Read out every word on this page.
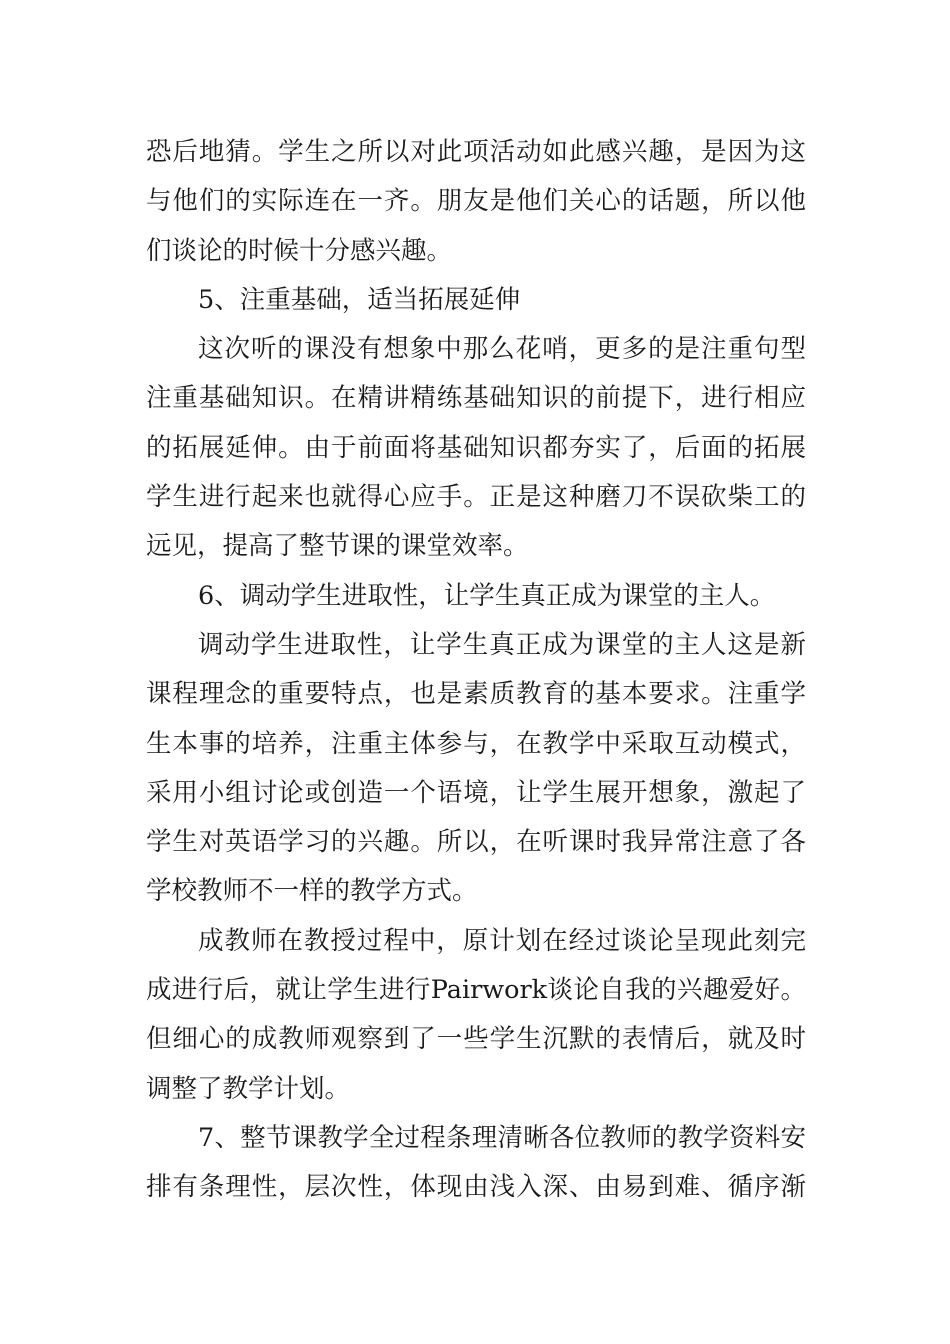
恐后地猜。学生之所以对此项活动如此感兴趣，是因为这
与他们的实际连在一齐。朋友是他们关心的话题，所以他
们谈论的时候十分感兴趣。
5、注重基础，适当拓展延伸
这次听的课没有想象中那么花哨，更多的是注重句型
注重基础知识。在精讲精练基础知识的前提下，进行相应
的拓展延伸。由于前面将基础知识都夯实了，后面的拓展
学生进行起来也就得心应手。正是这种磨刀不误砍柴工的
远见，提高了整节课的课堂效率。
6、调动学生进取性，让学生真正成为课堂的主人。
调动学生进取性，让学生真正成为课堂的主人这是新
课程理念的重要特点，也是素质教育的基本要求。注重学
生本事的培养，注重主体参与，在教学中采取互动模式，
采用小组讨论或创造一个语境，让学生展开想象，激起了
学生对英语学习的兴趣。所以，在听课时我异常注意了各
学校教师不一样的教学方式。
成教师在教授过程中，原计划在经过谈论呈现此刻完
成进行后，就让学生进行Pairwork谈论自我的兴趣爱好。
但细心的成教师观察到了一些学生沉默的表情后，就及时
调整了教学计划。
7、整节课教学全过程条理清晰各位教师的教学资料安
排有条理性，层次性，体现由浅入深、由易到难、循序渐
